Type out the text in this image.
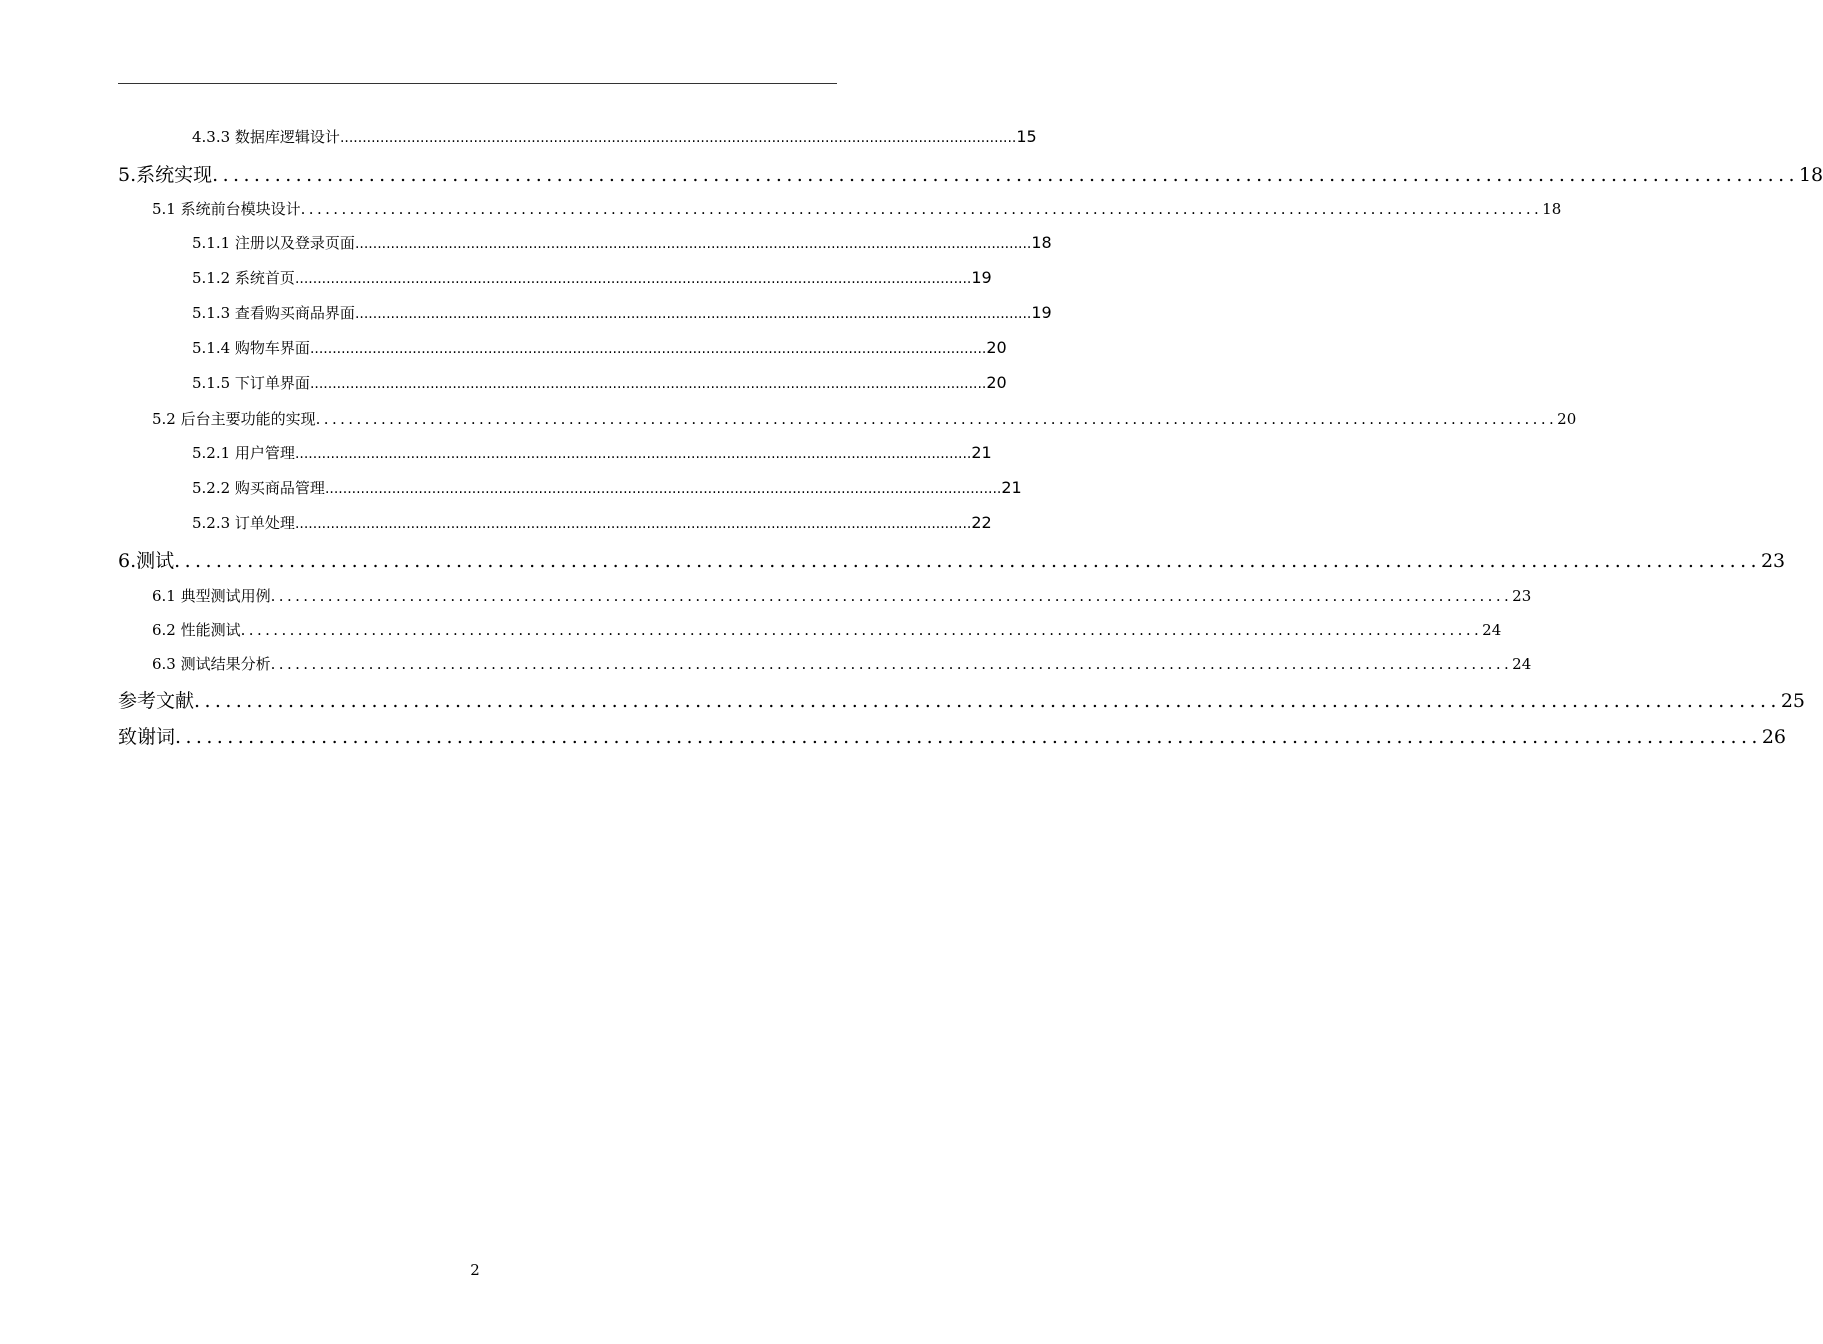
4.3.3 数据库逻辑设计 ........................................................................................................................................................ 15
5.系统实现 ........................................................................................................................................................ 18
5.1 系统前台模块设计 ........................................................................................................................................................ 18
5.1.1 注册以及登录页面 ........................................................................................................................................................ 18
5.1.2 系统首页 ........................................................................................................................................................ 19
5.1.3 查看购买商品界面 ........................................................................................................................................................ 19
5.1.4 购物车界面 ........................................................................................................................................................ 20
5.1.5 下订单界面 ........................................................................................................................................................ 20
5.2 后台主要功能的实现 ........................................................................................................................................................ 20
5.2.1 用户管理 ........................................................................................................................................................ 21
5.2.2 购买商品管理 ........................................................................................................................................................ 21
5.2.3 订单处理 ........................................................................................................................................................ 22
6.测试 ........................................................................................................................................................ 23
6.1 典型测试用例 ........................................................................................................................................................ 23
6.2 性能测试 ........................................................................................................................................................ 24
6.3 测试结果分析 ........................................................................................................................................................ 24
参考文献 ........................................................................................................................................................ 25
致谢词 ........................................................................................................................................................ 26
2
